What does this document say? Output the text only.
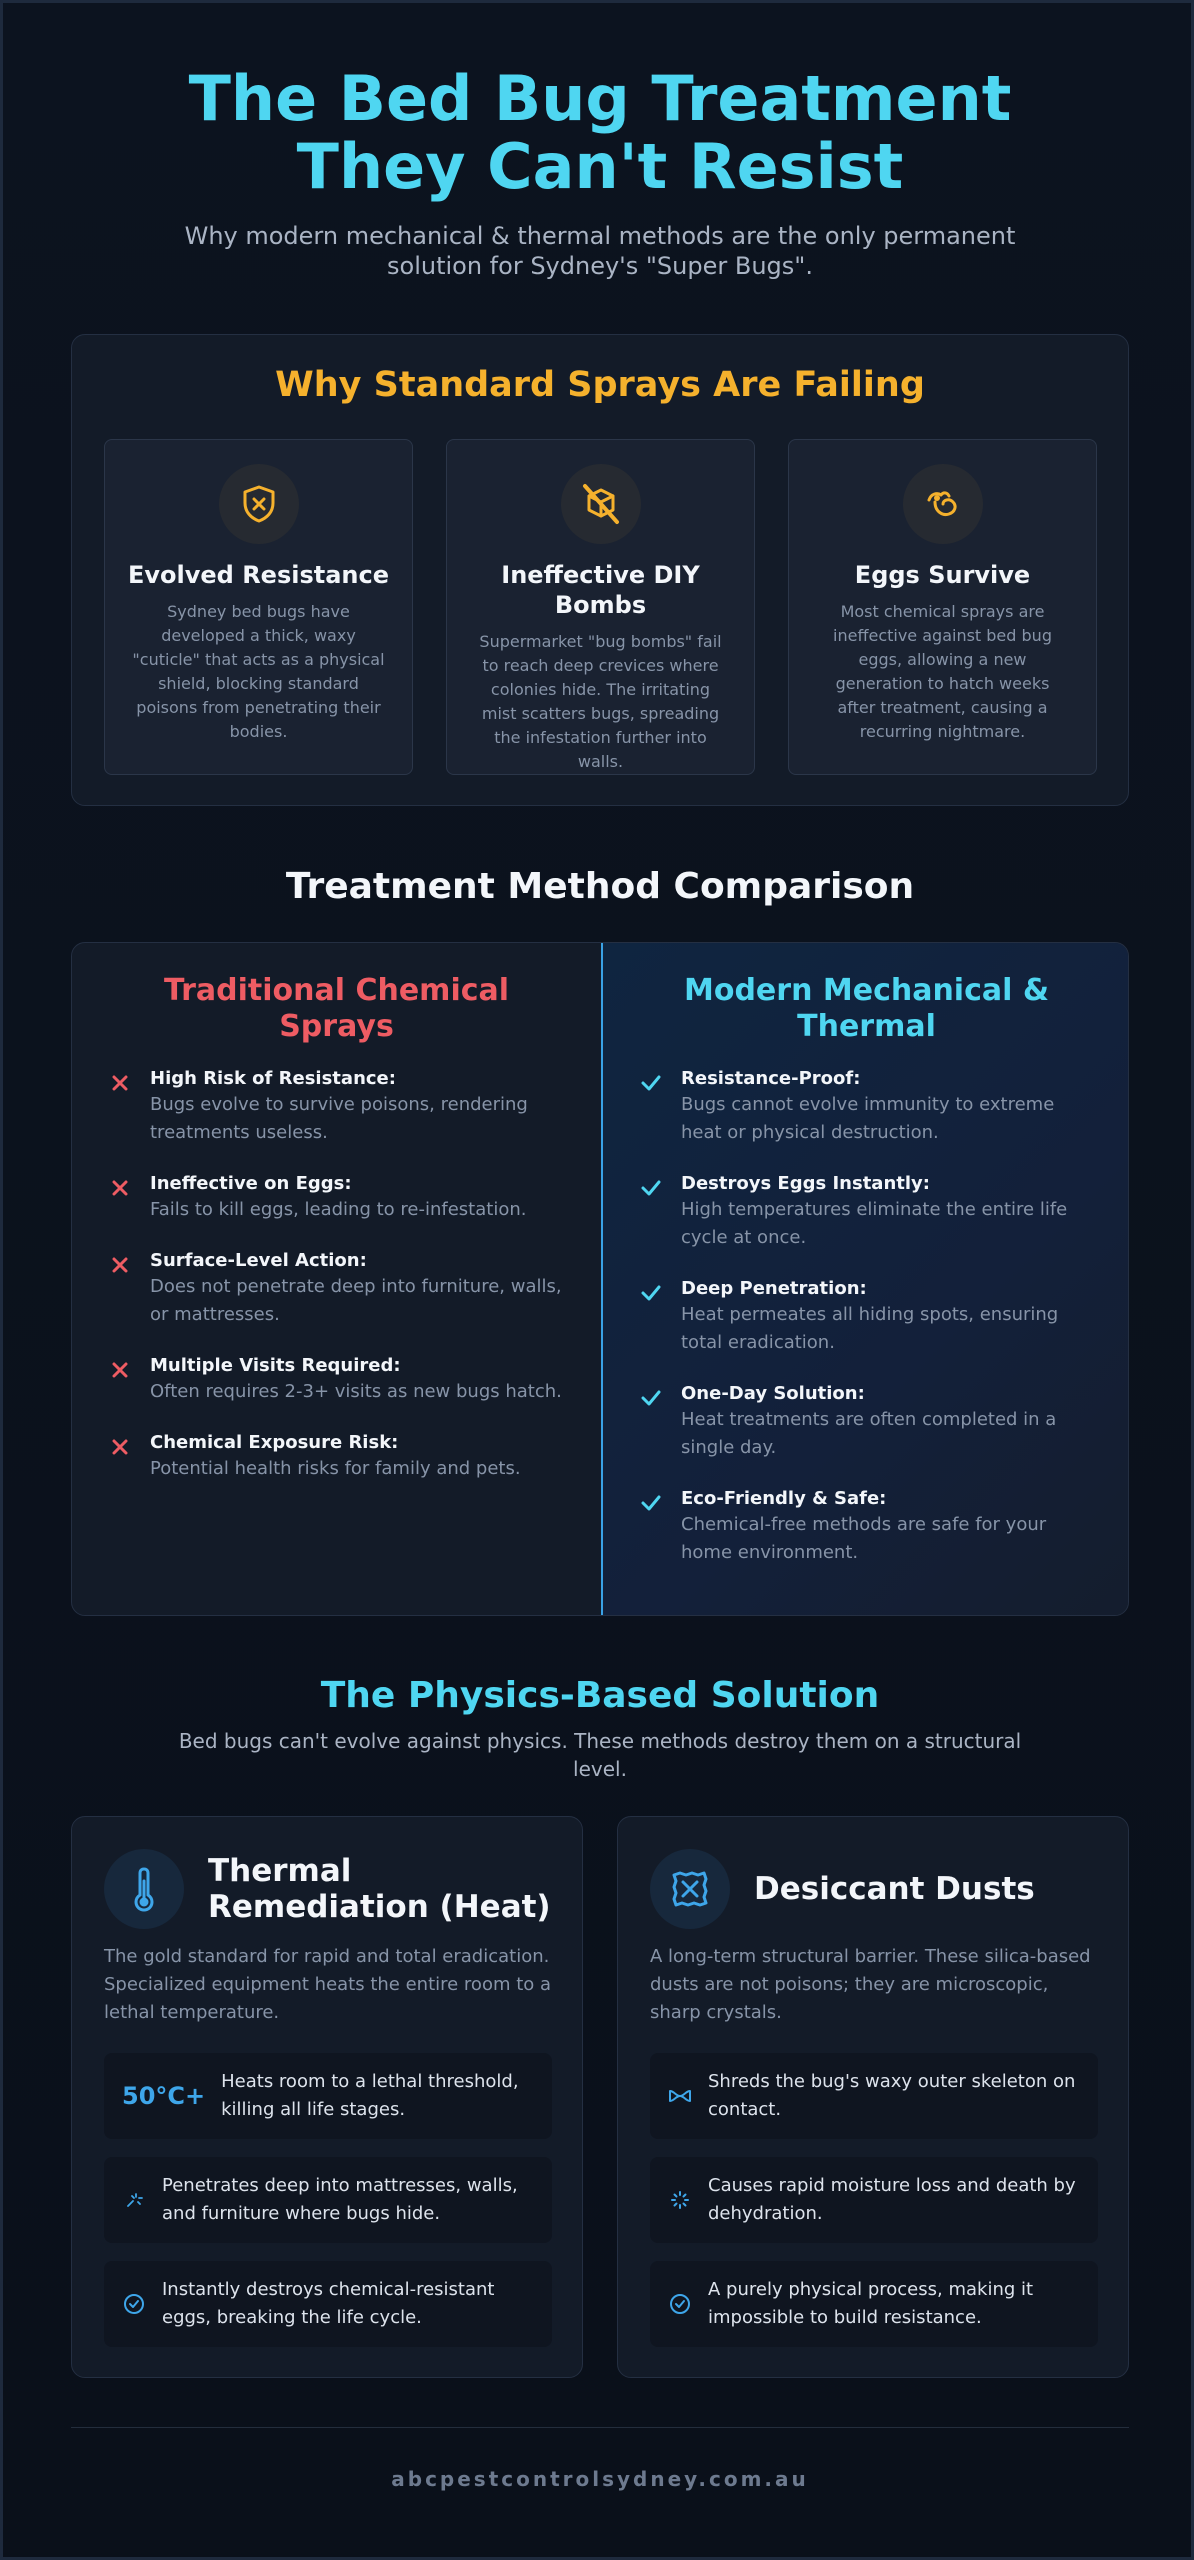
The Bed Bug Treatment They Can't Resist

Why modern mechanical & thermal methods are the only permanent solution for Sydney's "Super Bugs".

Why Standard Sprays Are Failing
Evolved Resistance

Sydney bed bugs have developed a thick, waxy "cuticle" that acts as a physical shield, blocking standard poisons from penetrating their bodies.

Ineffective DIY Bombs

Supermarket "bug bombs" fail to reach deep crevices where colonies hide. The irritating mist scatters bugs, spreading the infestation further into walls.

Eggs Survive

Most chemical sprays are ineffective against bed bug eggs, allowing a new generation to hatch weeks after treatment, causing a recurring nightmare.

Treatment Method Comparison
Traditional Chemical Sprays
High Risk of Resistance:
Bugs evolve to survive poisons, rendering treatments useless.
Ineffective on Eggs:
Fails to kill eggs, leading to re-infestation.
Surface-Level Action:
Does not penetrate deep into furniture, walls, or mattresses.
Multiple Visits Required:
Often requires 2-3+ visits as new bugs hatch.
Chemical Exposure Risk:
Potential health risks for family and pets.
Modern Mechanical & Thermal
Resistance-Proof:
Bugs cannot evolve immunity to extreme heat or physical destruction.
Destroys Eggs Instantly:
High temperatures eliminate the entire life cycle at once.
Deep Penetration:
Heat permeates all hiding spots, ensuring total eradication.
One-Day Solution:
Heat treatments are often completed in a single day.
Eco-Friendly & Safe:
Chemical-free methods are safe for your home environment.
The Physics-Based Solution

Bed bugs can't evolve against physics. These methods destroy them on a structural level.

Thermal Remediation (Heat)

The gold standard for rapid and total eradication. Specialized equipment heats the entire room to a lethal temperature.

50°C+

Heats room to a lethal threshold, killing all life stages.

Penetrates deep into mattresses, walls, and furniture where bugs hide.

Instantly destroys chemical-resistant eggs, breaking the life cycle.

Desiccant Dusts

A long-term structural barrier. These silica-based dusts are not poisons; they are microscopic, sharp crystals.

Shreds the bug's waxy outer skeleton on contact.

Causes rapid moisture loss and death by dehydration.

A purely physical process, making it impossible to build resistance.

abcpestcontrolsydney.com.au
